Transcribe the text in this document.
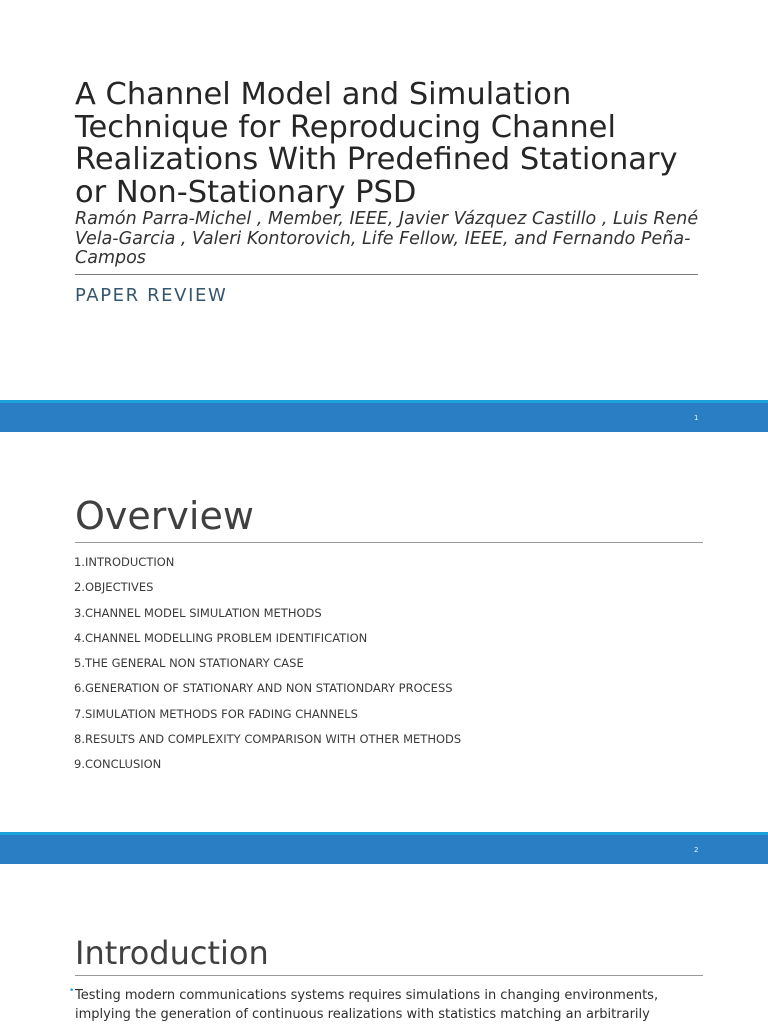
A Channel Model and Simulation Technique for Reproducing Channel Realizations With Predefined Stationary or Non-Stationary PSD
Ramón Parra-Michel , Member, IEEE, Javier Vázquez Castillo , Luis René Vela-Garcia , Valeri Kontorovich, Life Fellow, IEEE, and Fernando Peña-Campos
PAPER REVIEW
1
Overview
1.INTRODUCTION
2.OBJECTIVES
3.CHANNEL MODEL SIMULATION METHODS
4.CHANNEL MODELLING PROBLEM IDENTIFICATION
5.THE GENERAL NON STATIONARY CASE
6.GENERATION OF STATIONARY AND NON STATIONDARY PROCESS
7.SIMULATION METHODS FOR FADING CHANNELS
8.RESULTS AND COMPLEXITY COMPARISON WITH OTHER METHODS
9.CONCLUSION
2
Introduction
• Testing modern communications systems requires simulations in changing environments, implying the generation of continuous realizations with statistics matching an arbitrarily
